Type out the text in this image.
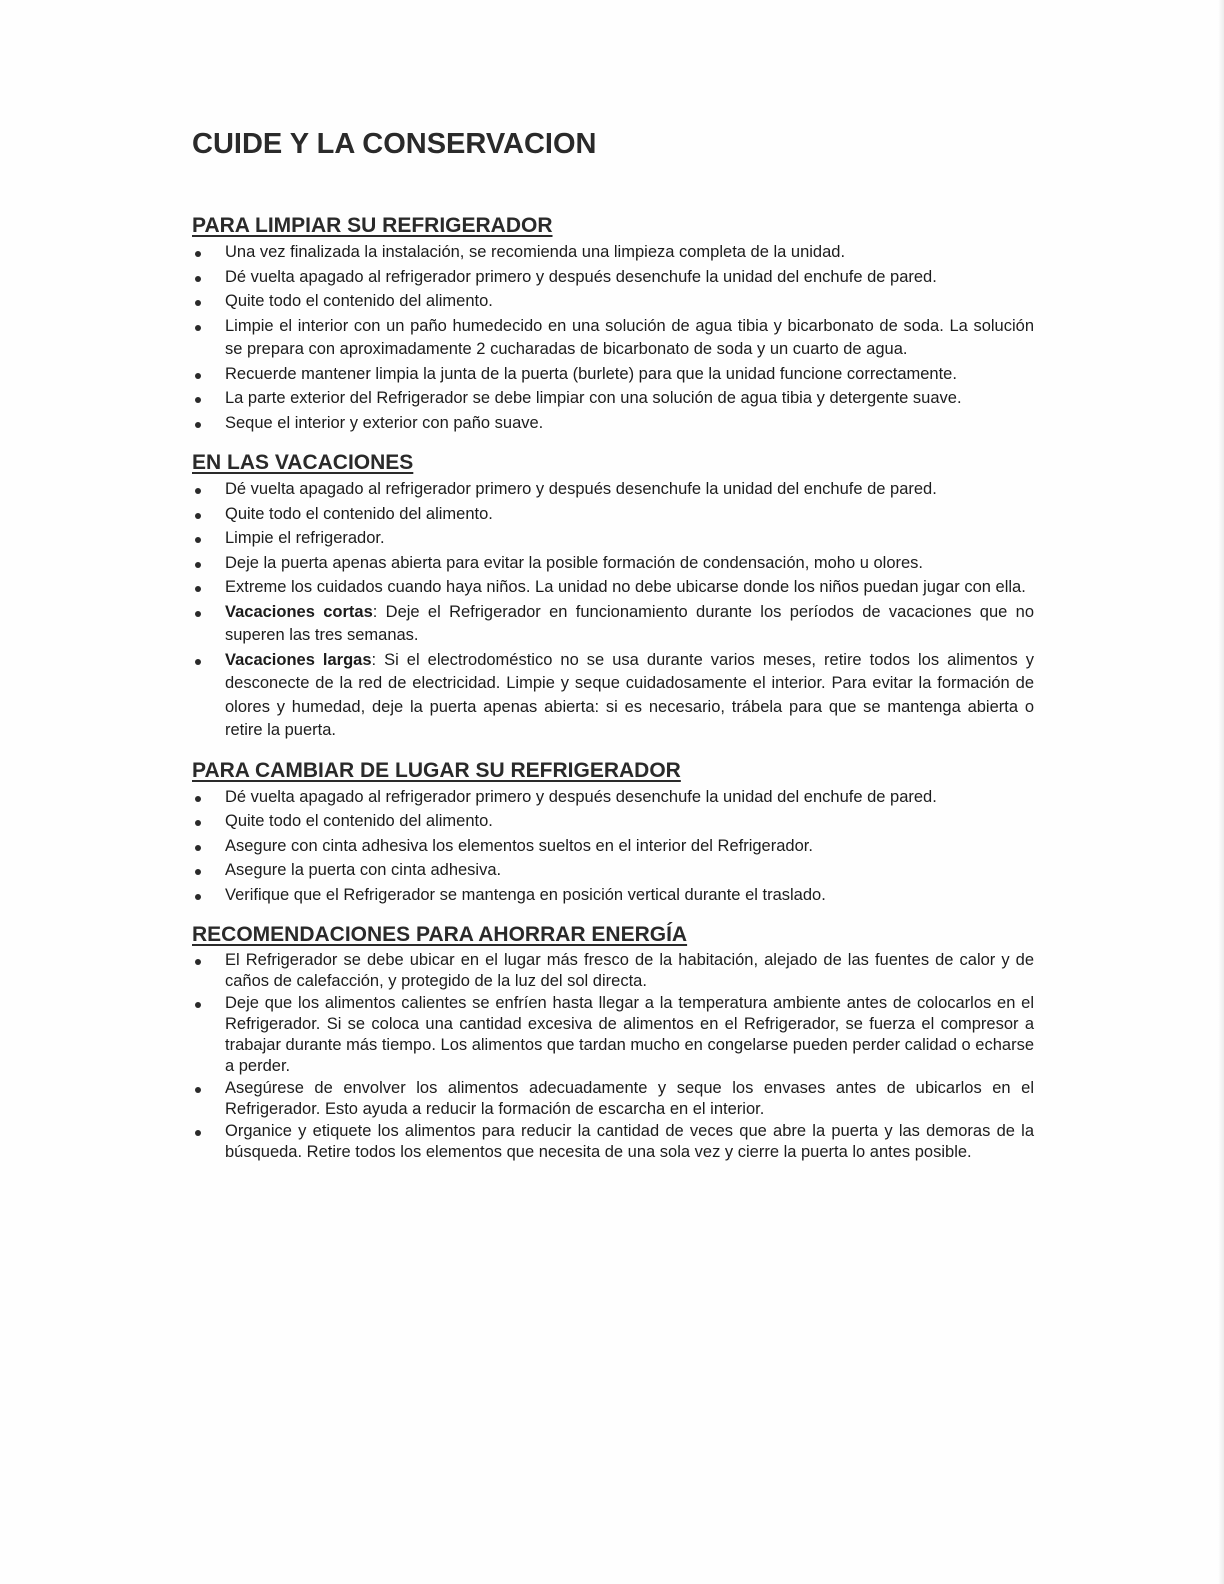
CUIDE Y LA CONSERVACION
PARA LIMPIAR SU REFRIGERADOR
Una vez finalizada la instalación, se recomienda una limpieza completa de la unidad.
Dé vuelta apagado al refrigerador primero y después desenchufe la unidad del enchufe de pared.
Quite todo el contenido del alimento.
Limpie el interior con un paño humedecido en una solución de agua tibia y bicarbonato de soda. La solución se prepara con aproximadamente 2 cucharadas de bicarbonato de soda y un cuarto de agua.
Recuerde mantener limpia la junta de la puerta (burlete) para que la unidad funcione correctamente.
La parte exterior del Refrigerador se debe limpiar con una solución de agua tibia y detergente suave.
Seque el interior y exterior con paño suave.
EN LAS VACACIONES
Dé vuelta apagado al refrigerador primero y después desenchufe la unidad del enchufe de pared.
Quite todo el contenido del alimento.
Limpie el refrigerador.
Deje la puerta apenas abierta para evitar la posible formación de condensación, moho u olores.
Extreme los cuidados cuando haya niños. La unidad no debe ubicarse donde los niños puedan jugar con ella.
Vacaciones cortas: Deje el Refrigerador en funcionamiento durante los períodos de vacaciones que no superen las tres semanas.
Vacaciones largas: Si el electrodoméstico no se usa durante varios meses, retire todos los alimentos y desconecte de la red de electricidad. Limpie y seque cuidadosamente el interior. Para evitar la formación de olores y humedad, deje la puerta apenas abierta: si es necesario, trábela para que se mantenga abierta o retire la puerta.
PARA CAMBIAR DE LUGAR SU REFRIGERADOR
Dé vuelta apagado al refrigerador primero y después desenchufe la unidad del enchufe de pared.
Quite todo el contenido del alimento.
Asegure con cinta adhesiva los elementos sueltos en el interior del Refrigerador.
Asegure la puerta con cinta adhesiva.
Verifique que el Refrigerador se mantenga en posición vertical durante el traslado.
RECOMENDACIONES PARA AHORRAR ENERGÍA
El Refrigerador se debe ubicar en el lugar más fresco de la habitación, alejado de las fuentes de calor y de caños de calefacción, y protegido de la luz del sol directa.
Deje que los alimentos calientes se enfríen hasta llegar a la temperatura ambiente antes de colocarlos en el Refrigerador. Si se coloca una cantidad excesiva de alimentos en el Refrigerador, se fuerza el compresor a trabajar durante más tiempo. Los alimentos que tardan mucho en congelarse pueden perder calidad o echarse a perder.
Asegúrese de envolver los alimentos adecuadamente y seque los envases antes de ubicarlos en el Refrigerador. Esto ayuda a reducir la formación de escarcha en el interior.
Organice y etiquete los alimentos para reducir la cantidad de veces que abre la puerta y las demoras de la búsqueda. Retire todos los elementos que necesita de una sola vez y cierre la puerta lo antes posible.
